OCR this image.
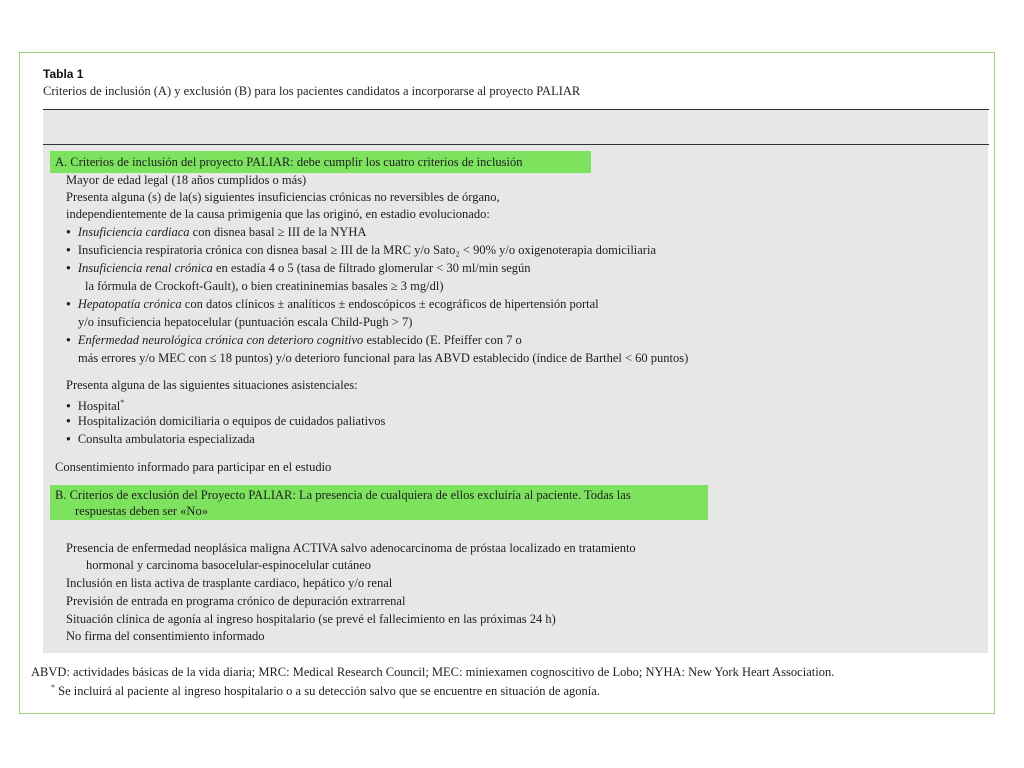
Tabla 1
Criterios de inclusión (A) y exclusión (B) para los pacientes candidatos a incorporarse al proyecto PALIAR
A. Criterios de inclusión del proyecto PALIAR: debe cumplir los cuatro criterios de inclusión
Mayor de edad legal (18 años cumplidos o más)
Presenta alguna (s) de la(s) siguientes insuficiencias crónicas no reversibles de órgano,
independientemente de la causa primigenia que las originó, en estadio evolucionado:
● Insuficiencia cardiaca con disnea basal ≥ III de la NYHA
● Insuficiencia respiratoria crónica con disnea basal ≥ III de la MRC y/o Sato₂ < 90% y/o oxigenoterapia domiciliaria
● Insuficiencia renal crónica en estadía 4 o 5 (tasa de filtrado glomerular < 30 ml/min según
la fórmula de Crockoft-Gault), o bien creatininemias basales ≥ 3 mg/dl)
● Hepatopatía crónica con datos clínicos ± analíticos ± endoscópicos ± ecográficos de hipertensión portal
y/o insuficiencia hepatocelular (puntuación escala Child-Pugh > 7)
● Enfermedad neurológica crónica con deterioro cognitivo establecido (E. Pfeiffer con 7 o
más errores y/o MEC con ≤ 18 puntos) y/o deterioro funcional para las ABVD establecido (índice de Barthel < 60 puntos)
Presenta alguna de las siguientes situaciones asistenciales:
● Hospital*
● Hospitalización domiciliaria o equipos de cuidados paliativos
● Consulta ambulatoria especializada
Consentimiento informado para participar en el estudio
B. Criterios de exclusión del Proyecto PALIAR: La presencia de cualquiera de ellos excluiría al paciente. Todas las
respuestas deben ser «No»
Presencia de enfermedad neoplásica maligna ACTIVA salvo adenocarcinoma de próstaa localizado en tratamiento
hormonal y carcinoma basocelular-espinocelular cutáneo
Inclusión en lista activa de trasplante cardiaco, hepático y/o renal
Previsión de entrada en programa crónico de depuración extrarrenal
Situación clínica de agonía al ingreso hospitalario (se prevé el fallecimiento en las próximas 24 h)
No firma del consentimiento informado
ABVD: actividades básicas de la vida diaria; MRC: Medical Research Council; MEC: miniexamen cognoscitivo de Lobo; NYHA: New York Heart Association.
* Se incluirá al paciente al ingreso hospitalario o a su detección salvo que se encuentre en situación de agonía.
